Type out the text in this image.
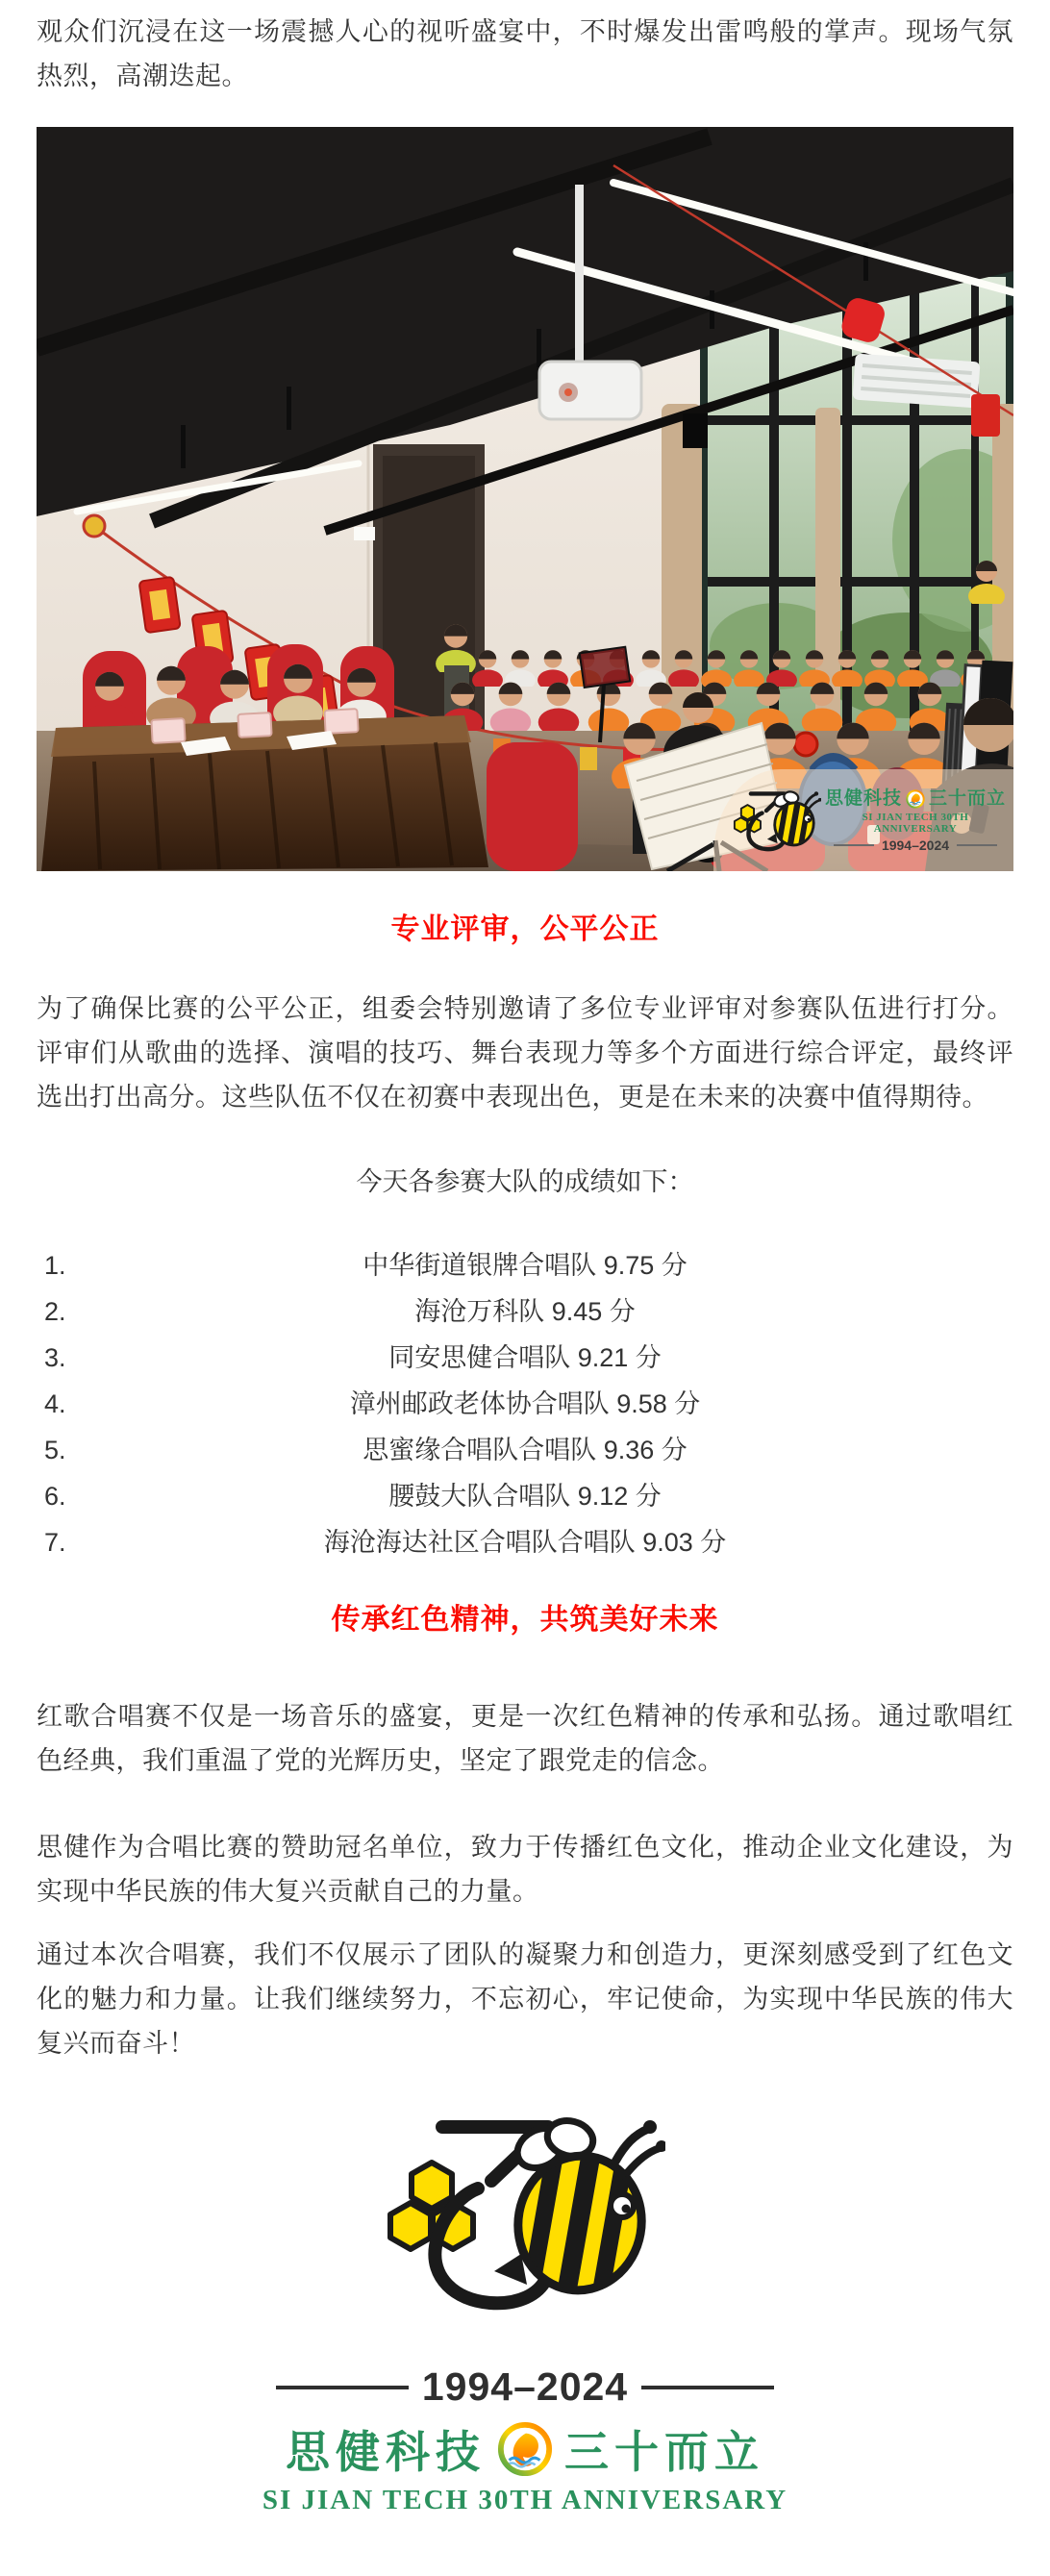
观众们沉浸在这一场震撼人心的视听盛宴中，不时爆发出雷鸣般的掌声。现场气氛热烈，高潮迭起。

思健科技 三十而立
SI JIAN TECH 30TH ANNIVERSARY
1994–2024
专业评审，公平公正

为了确保比赛的公平公正，组委会特别邀请了多位专业评审对参赛队伍进行打分。评审们从歌曲的选择、演唱的技巧、舞台表现力等多个方面进行综合评定，最终评选出打出高分。这些队伍不仅在初赛中表现出色，更是在未来的决赛中值得期待。

今天各参赛大队的成绩如下：

1.	中华街道银牌合唱队 9.75 分
2.	海沧万科队 9.45 分
3.	同安思健合唱队 9.21 分
4.	漳州邮政老体协合唱队 9.58 分
5.	思蜜缘合唱队合唱队 9.36 分
6.	腰鼓大队合唱队 9.12 分
7.	海沧海达社区合唱队合唱队 9.03 分
传承红色精神，共筑美好未来

红歌合唱赛不仅是一场音乐的盛宴，更是一次红色精神的传承和弘扬。通过歌唱红色经典，我们重温了党的光辉历史，坚定了跟党走的信念。

思健作为合唱比赛的赞助冠名单位，致力于传播红色文化，推动企业文化建设，为实现中华民族的伟大复兴贡献自己的力量。

通过本次合唱赛，我们不仅展示了团队的凝聚力和创造力，更深刻感受到了红色文化的魅力和力量。让我们继续努力，不忘初心，牢记使命，为实现中华民族的伟大复兴而奋斗！

1994–2024
思健科技 三十而立
SI JIAN TECH 30TH ANNIVERSARY
